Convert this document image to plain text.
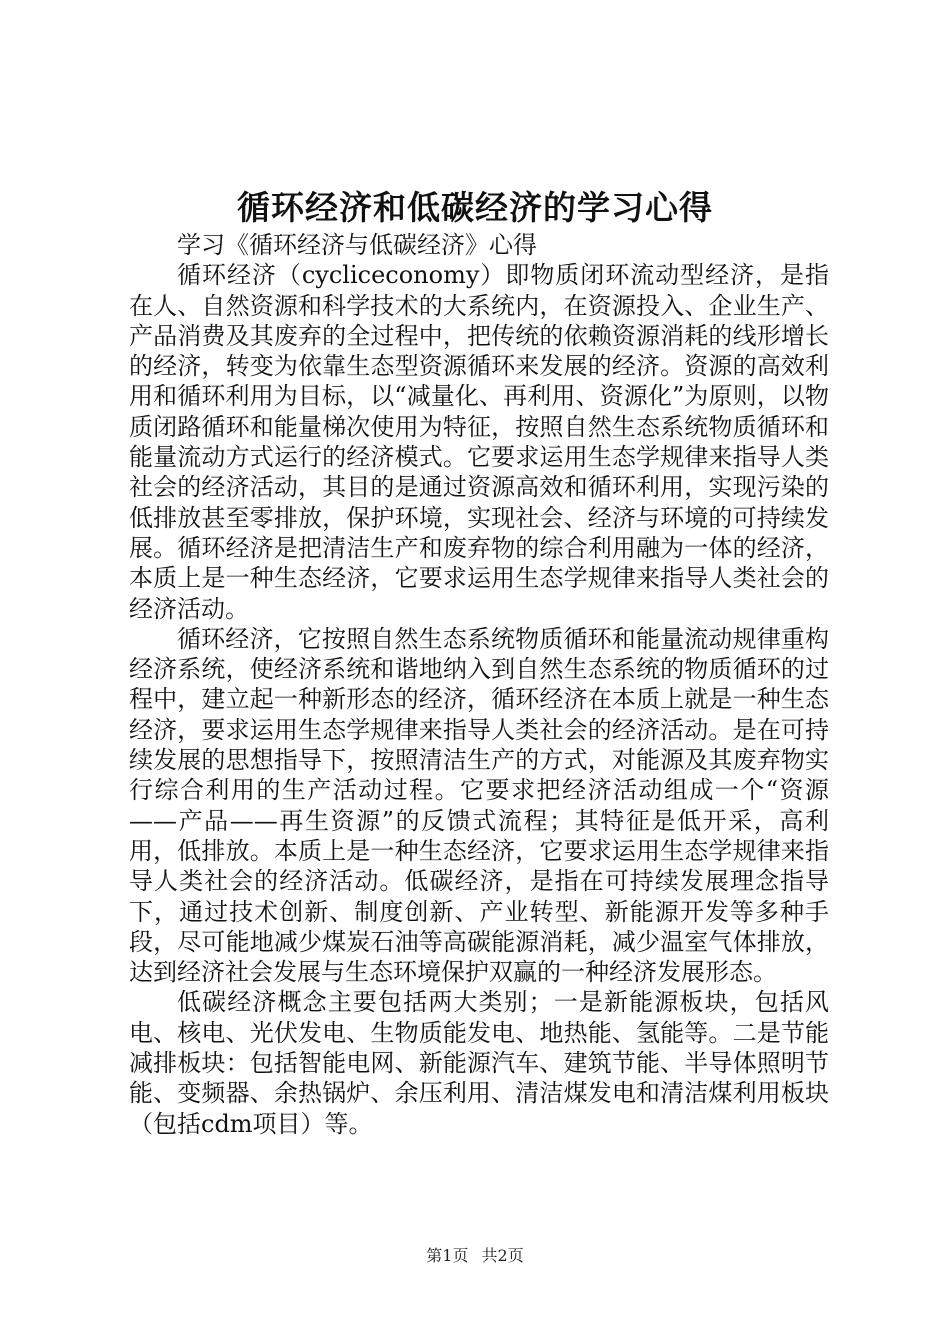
循环经济和低碳经济的学习心得

学习《循环经济与低碳经济》心得

循环经济（cycliceconomy）即物质闭环流动型经济，是指在人、自然资源和科学技术的大系统内，在资源投入、企业生产、产品消费及其废弃的全过程中，把传统的依赖资源消耗的线形增长的经济，转变为依靠生态型资源循环来发展的经济。资源的高效利用和循环利用为目标，以“减量化、再利用、资源化”为原则，以物质闭路循环和能量梯次使用为特征，按照自然生态系统物质循环和能量流动方式运行的经济模式。它要求运用生态学规律来指导人类社会的经济活动，其目的是通过资源高效和循环利用，实现污染的低排放甚至零排放，保护环境，实现社会、经济与环境的可持续发展。循环经济是把清洁生产和废弃物的综合利用融为一体的经济，本质上是一种生态经济，它要求运用生态学规律来指导人类社会的经济活动。

循环经济，它按照自然生态系统物质循环和能量流动规律重构经济系统，使经济系统和谐地纳入到自然生态系统的物质循环的过程中，建立起一种新形态的经济，循环经济在本质上就是一种生态经济，要求运用生态学规律来指导人类社会的经济活动。是在可持续发展的思想指导下，按照清洁生产的方式，对能源及其废弃物实行综合利用的生产活动过程。它要求把经济活动组成一个“资源——产品——再生资源”的反馈式流程；其特征是低开采，高利用，低排放。本质上是一种生态经济，它要求运用生态学规律来指导人类社会的经济活动。低碳经济，是指在可持续发展理念指导下，通过技术创新、制度创新、产业转型、新能源开发等多种手段，尽可能地减少煤炭石油等高碳能源消耗，减少温室气体排放，达到经济社会发展与生态环境保护双赢的一种经济发展形态。

低碳经济概念主要包括两大类别；一是新能源板块，包括风电、核电、光伏发电、生物质能发电、地热能、氢能等。二是节能减排板块：包括智能电网、新能源汽车、建筑节能、半导体照明节能、变频器、余热锅炉、余压利用、清洁煤发电和清洁煤利用板块（包括cdm项目）等。

第1页 共2页
